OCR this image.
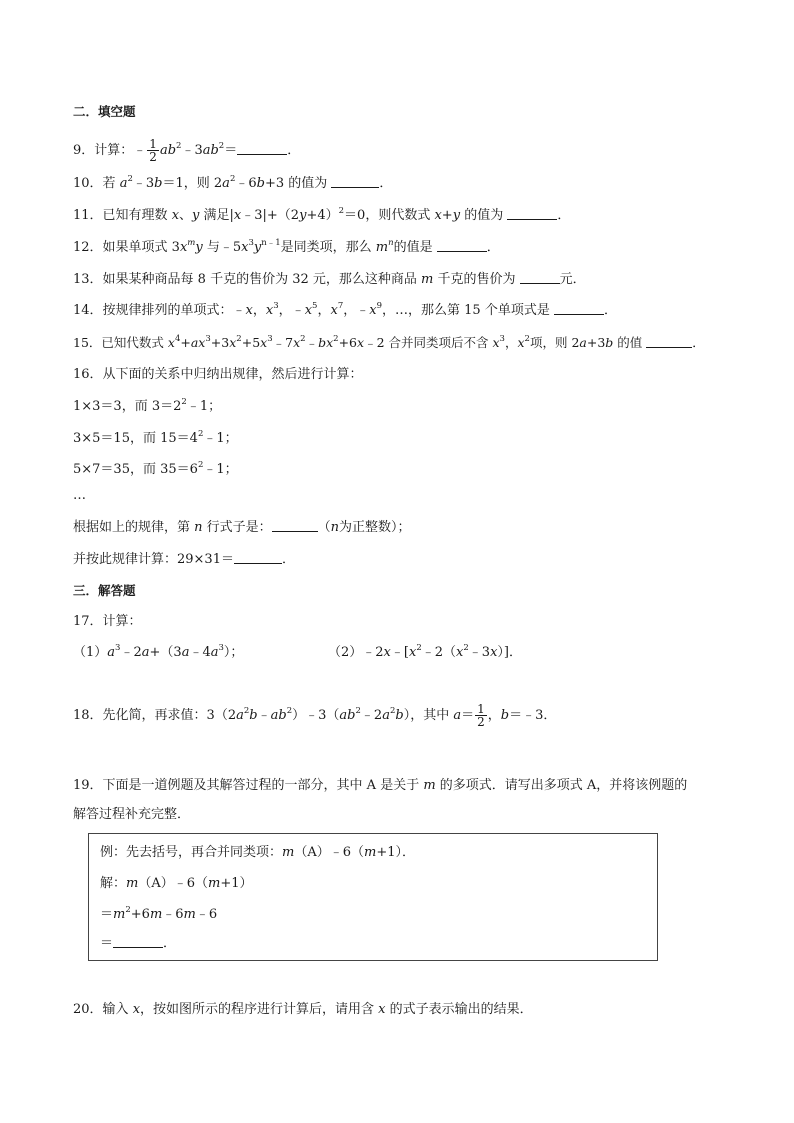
二．填空题
9．计算：﹣ $\frac{1}{2}$ $ab^2﹣3ab^2=$	．
10．若 $a^2﹣3b=1$，则 $2a^2﹣6b+3$ 的值为	．
11．已知有理数 x、y 满足$|x﹣3|+(2y+4)^2=0$，则代数式 x+y 的值为	．
12．如果单项式 $3x^my$ 与$﹣5x^3y^{n﹣1}$是同类项，那么 $m^n$的值是	．
13．如果某种商品每 8 千克的售价为 32 元，那么这种商品 m 千克的售价为	元．
14．按规律排列的单项式：﹣x，$x^3$，$﹣x^5$，$x^7$，$﹣x^9$，…，那么第 15 个单项式是	．
15．已知代数式 $x^4+ax^3+3x^2+5x^3﹣7x^2﹣bx^2+6x﹣2$ 合并同类项后不含 $x^3$，$x^2$项，则 2a+3b 的值	．
16．从下面的关系中归纳出规律，然后进行计算：
1×3＝3，而 $3=2^2﹣1$；
3×5＝15，而 $15=4^2﹣1$；
5×7＝35，而 $35=6^2﹣1$；
…
根据如上的规律，第 n 行式子是：	（n为正整数）；
并按此规律计算：29×31＝	．
三．解答题
17．计算：
$(1)a^3﹣2a+(3a﹣4a^3)$；	$(2)﹣2x﹣[x^2﹣2(x^2﹣3x)]$．
18．先化简，再求值：$3(2a^2b﹣ab^2)﹣3(ab^2﹣2a^2b)$，其中 $a= \frac{1}{2}$ ，b＝﹣3．
19．下面是一道例题及其解答过程的一部分，其中 A 是关于 m 的多项式．请写出多项式 A，并将该例题的
解答过程补充完整．
例：先去括号，再合并同类项：m（A）﹣6（m+1）．
解：m（A）﹣6（m+1）
$=m^2+6m﹣6m﹣6$
＝	．
20．输入 x，按如图所示的程序进行计算后，请用含 x 的式子表示输出的结果．
